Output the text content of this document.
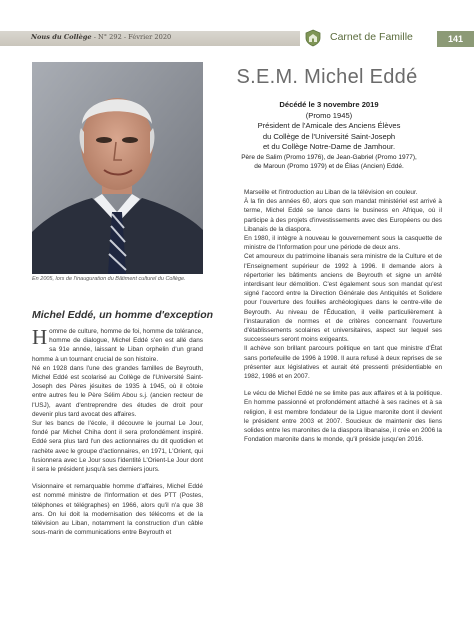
Nous du Collège - N° 292 - Février 2020	Carnet de Famille	141
En 2005, lors de l'inauguration du Bâtiment culturel du Collège.
S.E.M. Michel Eddé
Décédé le 3 novembre 2019
(Promo 1945)
Président de l'Amicale des Anciens Élèves
du Collège de l'Université Saint-Joseph
et du Collège Notre-Dame de Jamhour.
Père de Salim (Promo 1976), de Jean-Gabriel (Promo 1977),
de Maroun (Promo 1979) et de Élias (Ancien) Eddé.
Michel Eddé, un homme d'exception

Homme de culture, homme de foi, homme de tolérance, homme de dialogue, Michel Eddé s'en est allé dans sa 91e année, laissant le Liban orphelin d'un grand homme à un tournant crucial de son histoire.

Né en 1928 dans l'une des grandes familles de Beyrouth, Michel Eddé est scolarisé au Collège de l'Université Saint-Joseph des Pères jésuites de 1935 à 1945, où il côtoie entre autres feu le Père Sélim Abou s.j. (ancien recteur de l'USJ), avant d'entreprendre des études de droit pour devenir plus tard avocat des affaires.

Sur les bancs de l'école, il découvre le journal Le Jour, fondé par Michel Chiha dont il sera profondément inspiré. Eddé sera plus tard l'un des actionnaires du dit quotidien et rachète avec le groupe d'actionnaires, en 1971, L'Orient, qui fusionnera avec Le Jour sous l'identité L'Orient-Le Jour dont il sera le président jusqu'à ses derniers jours.

Visionnaire et remarquable homme d'affaires, Michel Eddé est nommé ministre de l'Information et des PTT (Postes, téléphones et télégraphes) en 1966, alors qu'il n'a que 38 ans. On lui doit la modernisation des télécoms et de la télévision au Liban, notamment la construction d'un câble sous-marin de communications entre Beyrouth et

Marseille et l'introduction au Liban de la télévision en couleur.

À la fin des années 60, alors que son mandat ministériel est arrivé à terme, Michel Eddé se lance dans le business en Afrique, où il participe à des projets d'investissements avec des Européens ou des Libanais de la diaspora.

En 1980, il intègre à nouveau le gouvernement sous la casquette de ministre de l'Information pour une période de deux ans.

Cet amoureux du patrimoine libanais sera ministre de la Culture et de l'Enseignement supérieur de 1992 à 1996. Il demande alors à répertorier les bâtiments anciens de Beyrouth et signe un arrêté interdisant leur démolition. C'est également sous son mandat qu'est signé l'accord entre la Direction Générale des Antiquités et Solidere pour l'ouverture des fouilles archéologiques dans le centre-ville de Beyrouth. Au niveau de l'Éducation, il veille particulièrement à l'instauration de normes et de critères concernant l'ouverture d'établissements scolaires et universitaires, aspect sur lequel ses successeurs seront moins exigeants.

Il achève son brillant parcours politique en tant que ministre d'État sans portefeuille de 1996 à 1998. Il aura refusé à deux reprises de se présenter aux législatives et aurait été pressenti présidentiable en 1982, 1986 et en 2007.

Le vécu de Michel Eddé ne se limite pas aux affaires et à la politique. En homme passionné et profondément attaché à ses racines et à sa religion, il est membre fondateur de la Ligue maronite dont il devient le président entre 2003 et 2007. Soucieux de maintenir des liens solides entre les maronites de la diaspora libanaise, il crée en 2006 la Fondation maronite dans le monde, qu'il préside jusqu'en 2016.
